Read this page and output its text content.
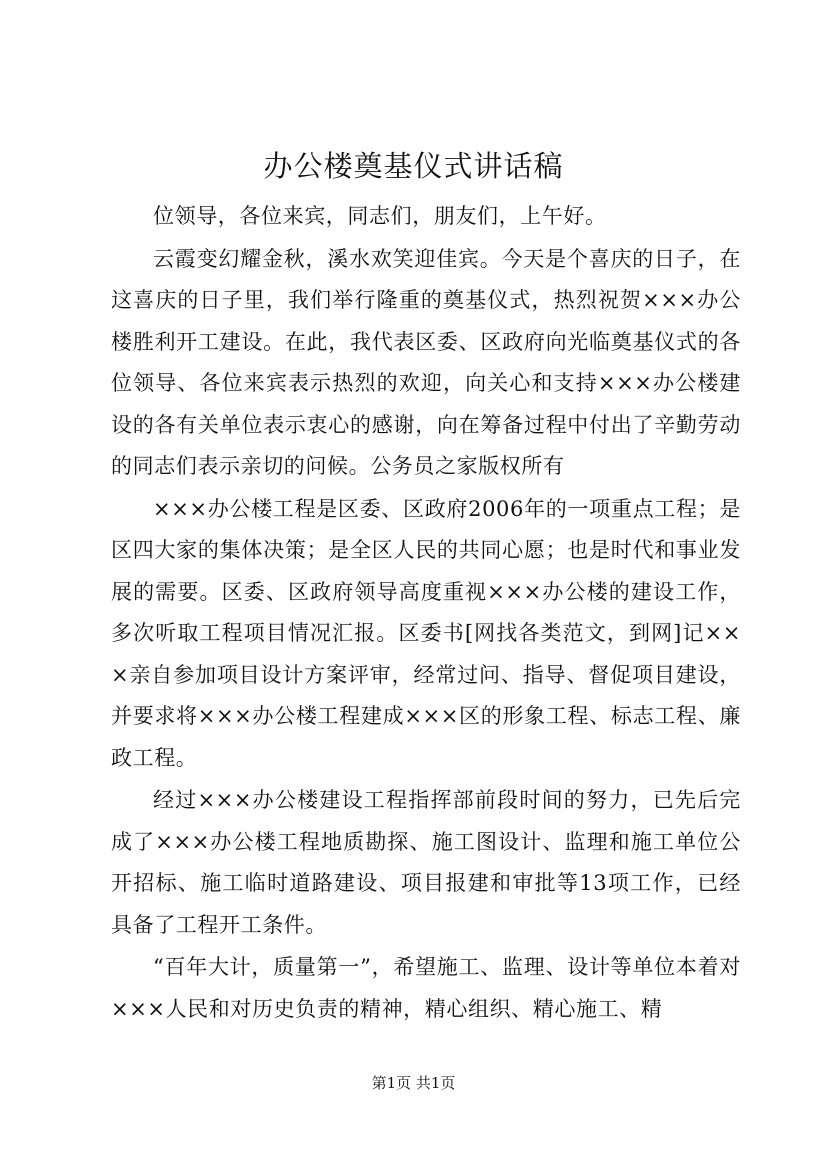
办公楼奠基仪式讲话稿

位领导，各位来宾，同志们，朋友们，上午好。

云霞变幻耀金秋，溪水欢笑迎佳宾。今天是个喜庆的日子，在这喜庆的日子里，我们举行隆重的奠基仪式，热烈祝贺×××办公楼胜利开工建设。在此，我代表区委、区政府向光临奠基仪式的各位领导、各位来宾表示热烈的欢迎，向关心和支持×××办公楼建设的各有关单位表示衷心的感谢，向在筹备过程中付出了辛勤劳动的同志们表示亲切的问候。公务员之家版权所有

×××办公楼工程是区委、区政府2006年的一项重点工程；是区四大家的集体决策；是全区人民的共同心愿；也是时代和事业发展的需要。区委、区政府领导高度重视×××办公楼的建设工作，多次听取工程项目情况汇报。区委书[网找各类范文，到网]记×××亲自参加项目设计方案评审，经常过问、指导、督促项目建设，并要求将×××办公楼工程建成×××区的形象工程、标志工程、廉政工程。

经过×××办公楼建设工程指挥部前段时间的努力，已先后完成了×××办公楼工程地质勘探、施工图设计、监理和施工单位公开招标、施工临时道路建设、项目报建和审批等13项工作，已经具备了工程开工条件。

“百年大计，质量第一”，希望施工、监理、设计等单位本着对×××人民和对历史负责的精神，精心组织、精心施工、精

第1页 共1页
